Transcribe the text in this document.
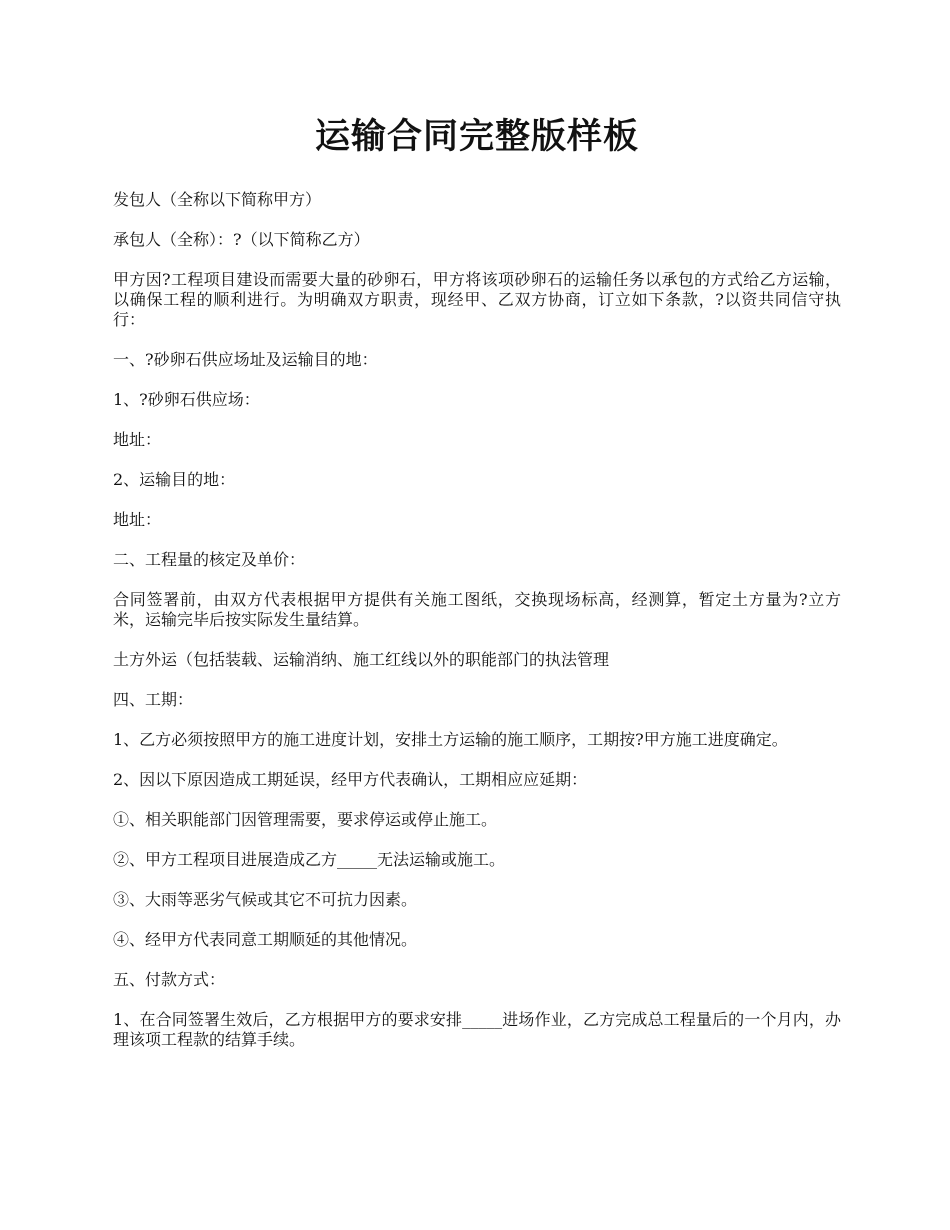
运输合同完整版样板

发包人（全称以下简称甲方）

承包人（全称）：?（以下简称乙方）

甲方因?工程项目建设而需要大量的砂卵石，甲方将该项砂卵石的运输任务以承包的方式给乙方运输，以确保工程的顺利进行。为明确双方职责，现经甲、乙双方协商，订立如下条款，?以资共同信守执行：

一、?砂卵石供应场址及运输目的地：

1、?砂卵石供应场：

地址：

2、运输目的地：

地址：

二、工程量的核定及单价：

合同签署前，由双方代表根据甲方提供有关施工图纸，交换现场标高，经测算，暂定土方量为?立方米，运输完毕后按实际发生量结算。

土方外运（包括装载、运输消纳、施工红线以外的职能部门的执法管理

四、工期：

1、乙方必须按照甲方的施工进度计划，安排土方运输的施工顺序，工期按?甲方施工进度确定。

2、因以下原因造成工期延误，经甲方代表确认，工期相应应延期：

①、相关职能部门因管理需要，要求停运或停止施工。

②、甲方工程项目进展造成乙方_____无法运输或施工。

③、大雨等恶劣气候或其它不可抗力因素。

④、经甲方代表同意工期顺延的其他情况。

五、付款方式：

1、在合同签署生效后，乙方根据甲方的要求安排_____进场作业，乙方完成总工程量后的一个月内，办理该项工程款的结算手续。
